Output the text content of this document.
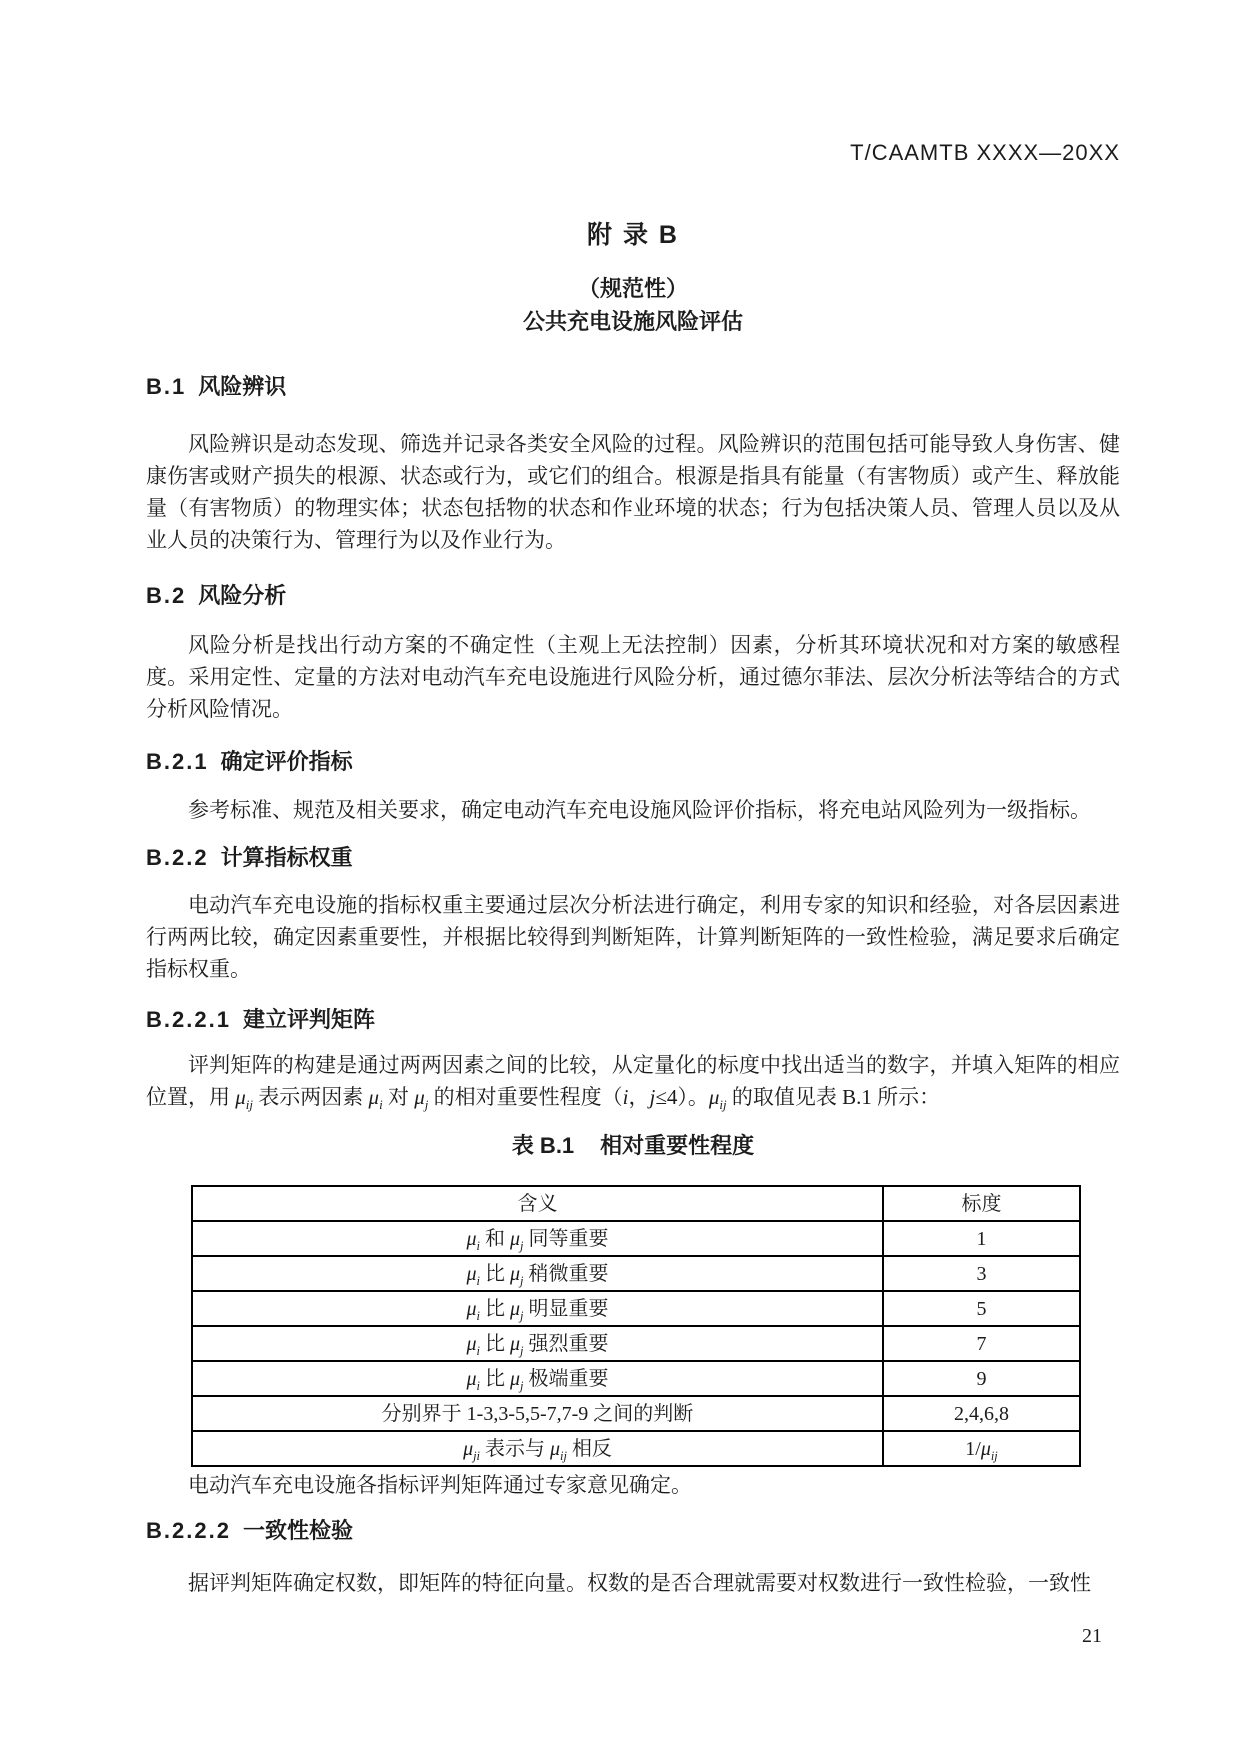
T/CAAMTB XXXX—20XX
附 录 B
（规范性）
公共充电设施风险评估
B.1 风险辨识
风险辨识是动态发现、筛选并记录各类安全风险的过程。风险辨识的范围包括可能导致人身伤害、健康伤害或财产损失的根源、状态或行为，或它们的组合。根源是指具有能量（有害物质）或产生、释放能量（有害物质）的物理实体；状态包括物的状态和作业环境的状态；行为包括决策人员、管理人员以及从业人员的决策行为、管理行为以及作业行为。
B.2 风险分析
风险分析是找出行动方案的不确定性（主观上无法控制）因素，分析其环境状况和对方案的敏感程度。采用定性、定量的方法对电动汽车充电设施进行风险分析，通过德尔菲法、层次分析法等结合的方式分析风险情况。
B.2.1 确定评价指标
参考标准、规范及相关要求，确定电动汽车充电设施风险评价指标，将充电站风险列为一级指标。
B.2.2 计算指标权重
电动汽车充电设施的指标权重主要通过层次分析法进行确定，利用专家的知识和经验，对各层因素进行两两比较，确定因素重要性，并根据比较得到判断矩阵，计算判断矩阵的一致性检验，满足要求后确定指标权重。
B.2.2.1 建立评判矩阵
评判矩阵的构建是通过两两因素之间的比较，从定量化的标度中找出适当的数字，并填入矩阵的相应位置，用 $\mu_{ij}$ 表示两因素 $\mu_i$ 对 $\mu_j$ 的相对重要性程度（i，j≤4）。$\mu_{ij}$ 的取值见表 B.1 所示：
表 B.1 相对重要性程度
含义	标度
$\mu_i$ 和 $\mu_j$ 同等重要	1
$\mu_i$ 比 $\mu_j$ 稍微重要	3
$\mu_i$ 比 $\mu_j$ 明显重要	5
$\mu_i$ 比 $\mu_j$ 强烈重要	7
$\mu_i$ 比 $\mu_j$ 极端重要	9
分别界于 1-3,3-5,5-7,7-9 之间的判断	2,4,6,8
$\mu_{ji}$ 表示与 $\mu_{ij}$ 相反	$1/\mu_{ij}$
电动汽车充电设施各指标评判矩阵通过专家意见确定。
B.2.2.2 一致性检验
据评判矩阵确定权数，即矩阵的特征向量。权数的是否合理就需要对权数进行一致性检验，一致性
21
